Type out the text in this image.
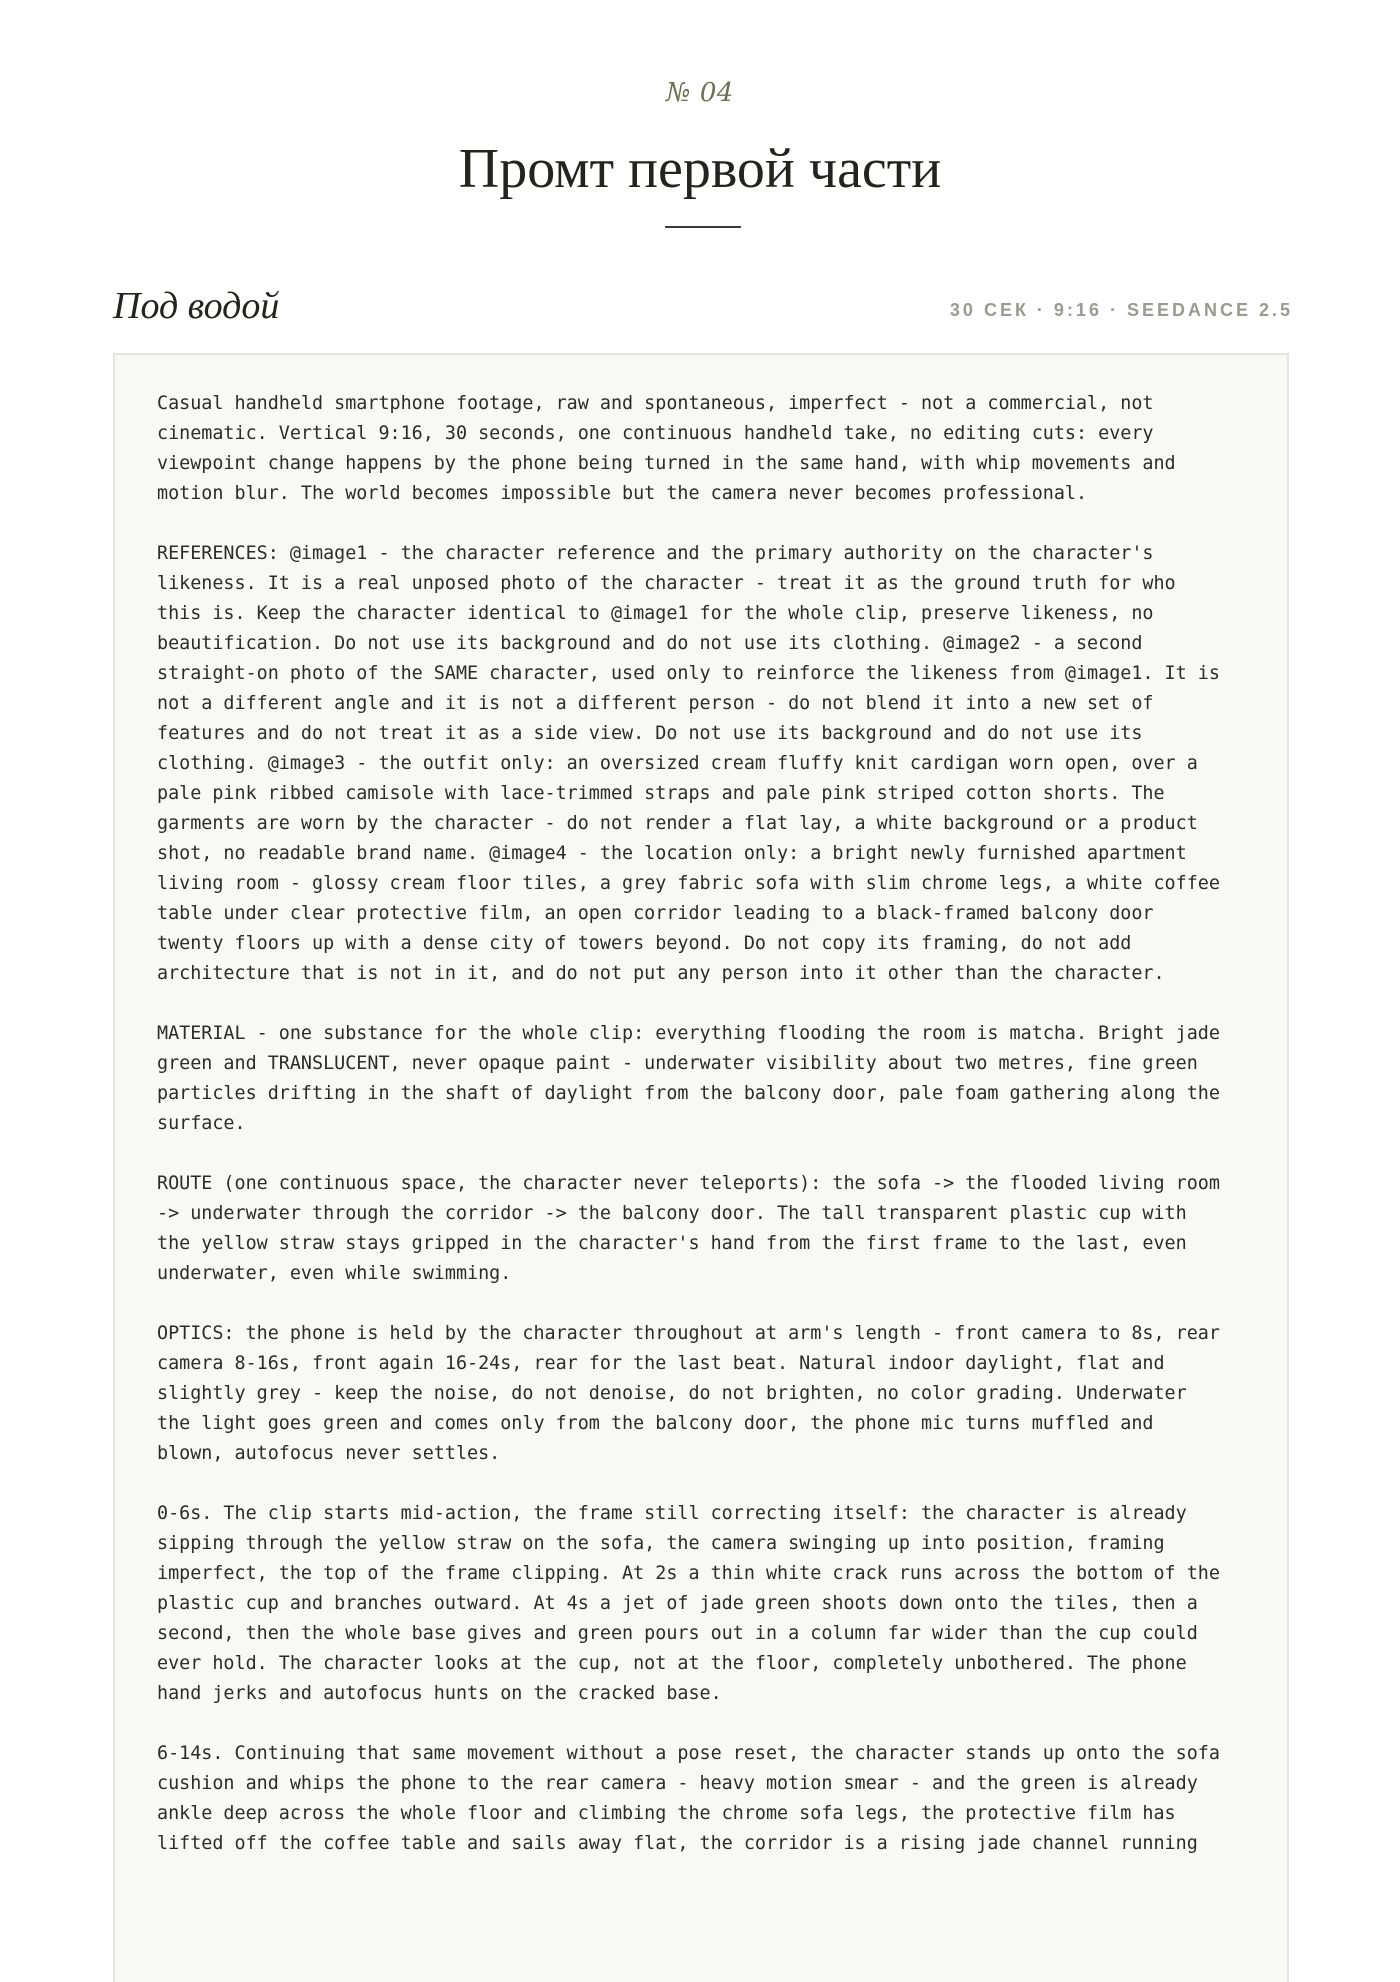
№ 04
Промт первой части
Под водой	30 СЕК · 9:16 · SEEDANCE 2.5

Casual handheld smartphone footage, raw and spontaneous, imperfect - not a commercial, not
cinematic. Vertical 9:16, 30 seconds, one continuous handheld take, no editing cuts: every
viewpoint change happens by the phone being turned in the same hand, with whip movements and
motion blur. The world becomes impossible but the camera never becomes professional.

REFERENCES: @image1 - the character reference and the primary authority on the character's
likeness. It is a real unposed photo of the character - treat it as the ground truth for who
this is. Keep the character identical to @image1 for the whole clip, preserve likeness, no
beautification. Do not use its background and do not use its clothing. @image2 - a second
straight-on photo of the SAME character, used only to reinforce the likeness from @image1. It is
not a different angle and it is not a different person - do not blend it into a new set of
features and do not treat it as a side view. Do not use its background and do not use its
clothing. @image3 - the outfit only: an oversized cream fluffy knit cardigan worn open, over a
pale pink ribbed camisole with lace-trimmed straps and pale pink striped cotton shorts. The
garments are worn by the character - do not render a flat lay, a white background or a product
shot, no readable brand name. @image4 - the location only: a bright newly furnished apartment
living room - glossy cream floor tiles, a grey fabric sofa with slim chrome legs, a white coffee
table under clear protective film, an open corridor leading to a black-framed balcony door
twenty floors up with a dense city of towers beyond. Do not copy its framing, do not add
architecture that is not in it, and do not put any person into it other than the character.

MATERIAL - one substance for the whole clip: everything flooding the room is matcha. Bright jade
green and TRANSLUCENT, never opaque paint - underwater visibility about two metres, fine green
particles drifting in the shaft of daylight from the balcony door, pale foam gathering along the
surface.

ROUTE (one continuous space, the character never teleports): the sofa -> the flooded living room
-> underwater through the corridor -> the balcony door. The tall transparent plastic cup with
the yellow straw stays gripped in the character's hand from the first frame to the last, even
underwater, even while swimming.

OPTICS: the phone is held by the character throughout at arm's length - front camera to 8s, rear
camera 8-16s, front again 16-24s, rear for the last beat. Natural indoor daylight, flat and
slightly grey - keep the noise, do not denoise, do not brighten, no color grading. Underwater
the light goes green and comes only from the balcony door, the phone mic turns muffled and
blown, autofocus never settles.

0-6s. The clip starts mid-action, the frame still correcting itself: the character is already
sipping through the yellow straw on the sofa, the camera swinging up into position, framing
imperfect, the top of the frame clipping. At 2s a thin white crack runs across the bottom of the
plastic cup and branches outward. At 4s a jet of jade green shoots down onto the tiles, then a
second, then the whole base gives and green pours out in a column far wider than the cup could
ever hold. The character looks at the cup, not at the floor, completely unbothered. The phone
hand jerks and autofocus hunts on the cracked base.

6-14s. Continuing that same movement without a pose reset, the character stands up onto the sofa
cushion and whips the phone to the rear camera - heavy motion smear - and the green is already
ankle deep across the whole floor and climbing the chrome sofa legs, the protective film has
lifted off the coffee table and sails away flat, the corridor is a rising jade channel running
